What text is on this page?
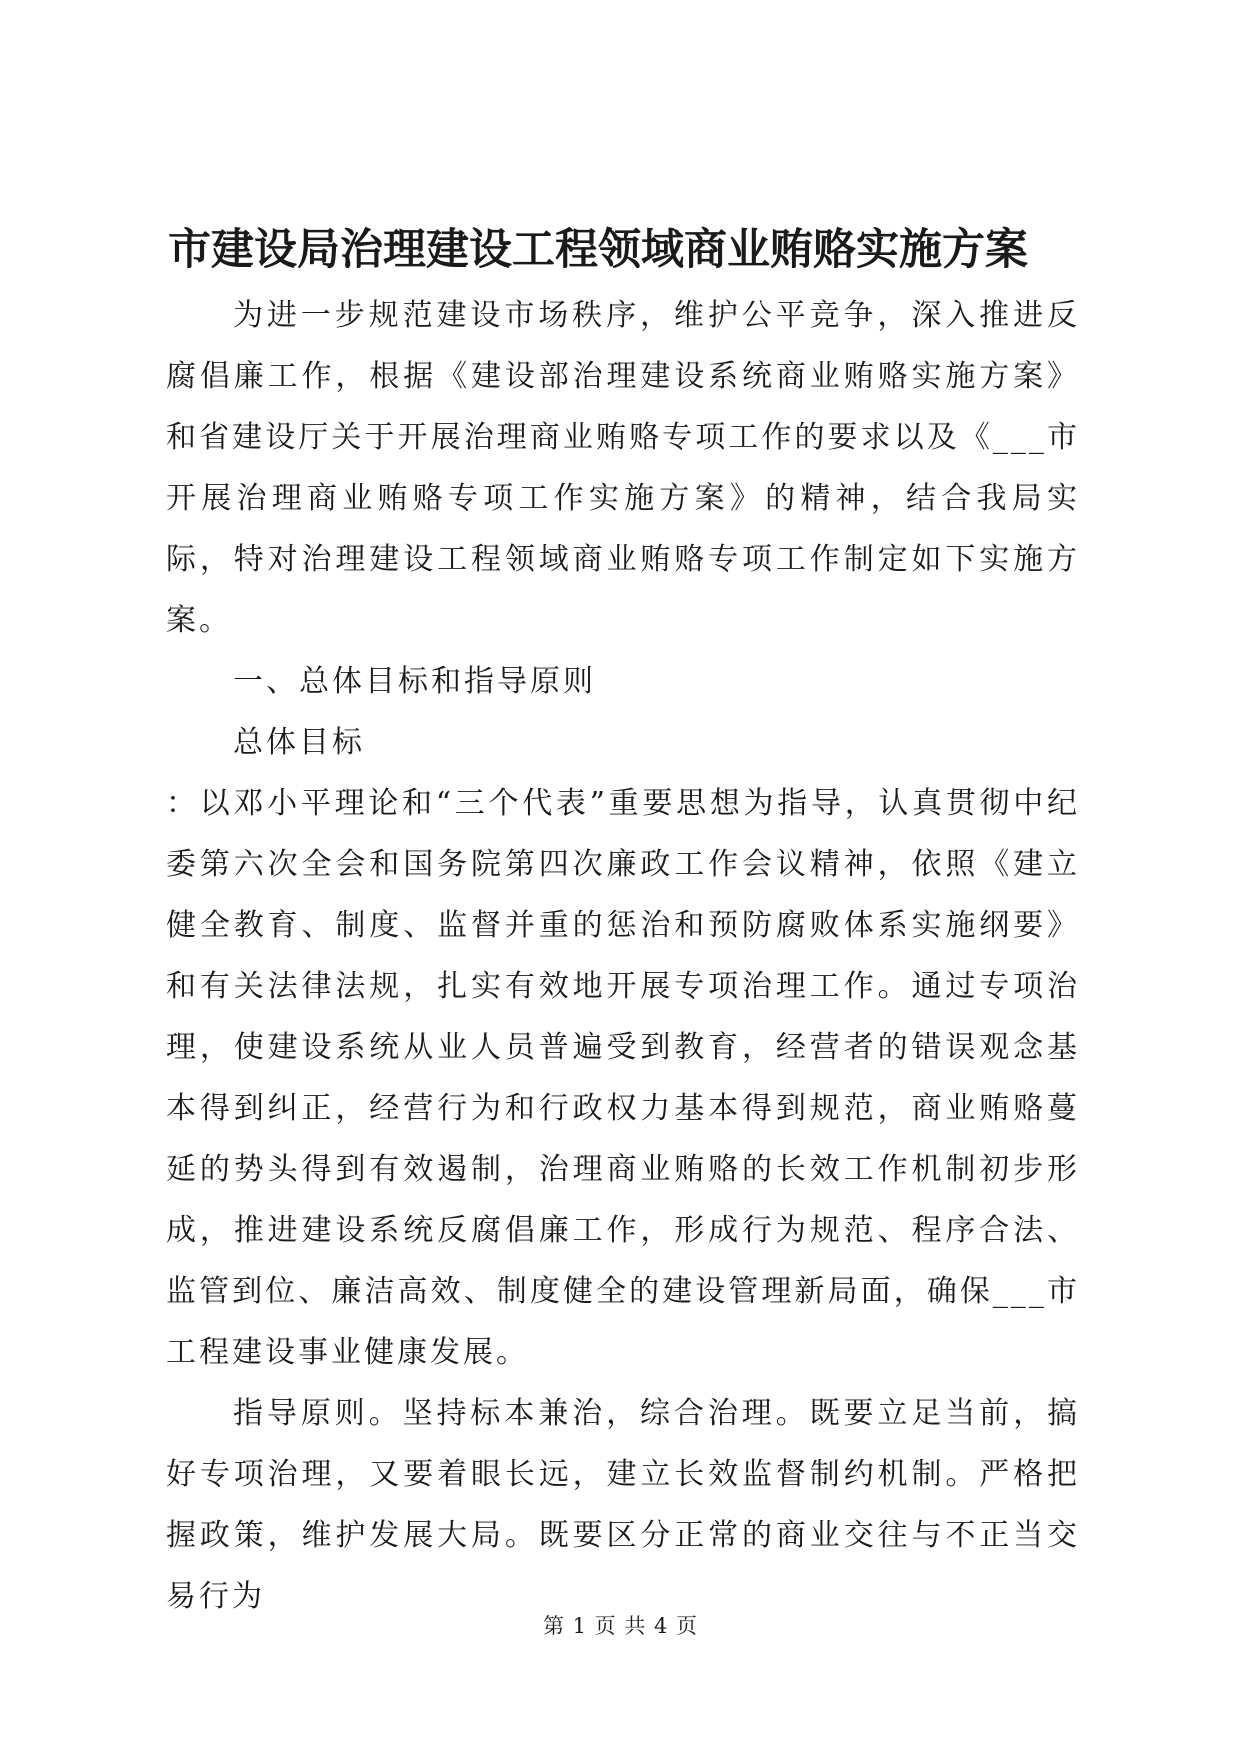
市建设局治理建设工程领域商业贿赂实施方案

为进一步规范建设市场秩序，维护公平竞争，深入推进反腐倡廉工作，根据《建设部治理建设系统商业贿赂实施方案》和省建设厅关于开展治理商业贿赂专项工作的要求以及《___市开展治理商业贿赂专项工作实施方案》的精神，结合我局实际，特对治理建设工程领域商业贿赂专项工作制定如下实施方案。

一、总体目标和指导原则

总体目标

：以邓小平理论和“三个代表”重要思想为指导，认真贯彻中纪委第六次全会和国务院第四次廉政工作会议精神，依照《建立健全教育、制度、监督并重的惩治和预防腐败体系实施纲要》和有关法律法规，扎实有效地开展专项治理工作。通过专项治理，使建设系统从业人员普遍受到教育，经营者的错误观念基本得到纠正，经营行为和行政权力基本得到规范，商业贿赂蔓延的势头得到有效遏制，治理商业贿赂的长效工作机制初步形成，推进建设系统反腐倡廉工作，形成行为规范、程序合法、监管到位、廉洁高效、制度健全的建设管理新局面，确保___市工程建设事业健康发展。

指导原则。坚持标本兼治，综合治理。既要立足当前，搞好专项治理，又要着眼长远，建立长效监督制约机制。严格把握政策，维护发展大局。既要区分正常的商业交往与不正当交易行为

第 1 页 共 4 页
